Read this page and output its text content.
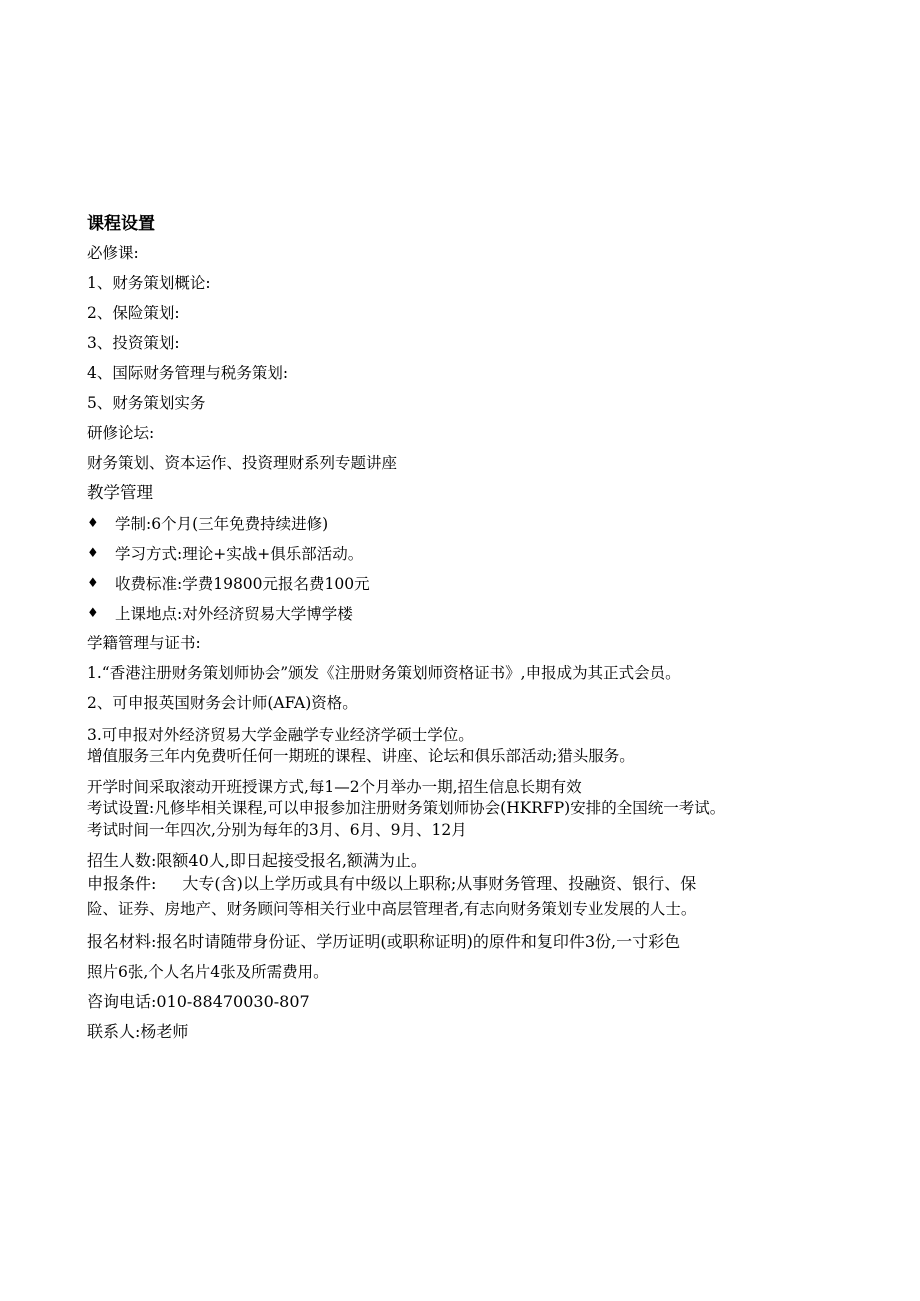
课程设置
必修课:
1、财务策划概论:
2、保险策划:
3、投资策划:
4、国际财务管理与税务策划:
5、财务策划实务
研修论坛:
财务策划、资本运作、投资理财系列专题讲座
教学管理
♦	学制:6个月(三年免费持续进修)
♦	学习方式:理论+实战+俱乐部活动。
♦	收费标准:学费19800元报名费100元
♦	上课地点:对外经济贸易大学博学楼
学籍管理与证书:
1.“香港注册财务策划师协会”颁发《注册财务策划师资格证书》,申报成为其正式会员。
2、可申报英国财务会计师(AFA)资格。
3.可申报对外经济贸易大学金融学专业经济学硕士学位。
增值服务三年内免费听任何一期班的课程、讲座、论坛和俱乐部活动;猎头服务。
开学时间采取滚动开班授课方式,每1—2个月举办一期,招生信息长期有效
考试设置:凡修毕相关课程,可以申报参加注册财务策划师协会(HKRFP)安排的全国统一考试。
考试时间一年四次,分别为每年的3月、6月、9月、12月
招生人数:限额40人,即日起接受报名,额满为止。
申报条件: 大专(含)以上学历或具有中级以上职称;从事财务管理、投融资、银行、保
险、证券、房地产、财务顾问等相关行业中高层管理者,有志向财务策划专业发展的人士。
报名材料:报名时请随带身份证、学历证明(或职称证明)的原件和复印件3份,一寸彩色
照片6张,个人名片4张及所需费用。
咨询电话:010-88470030-807
联系人:杨老师
